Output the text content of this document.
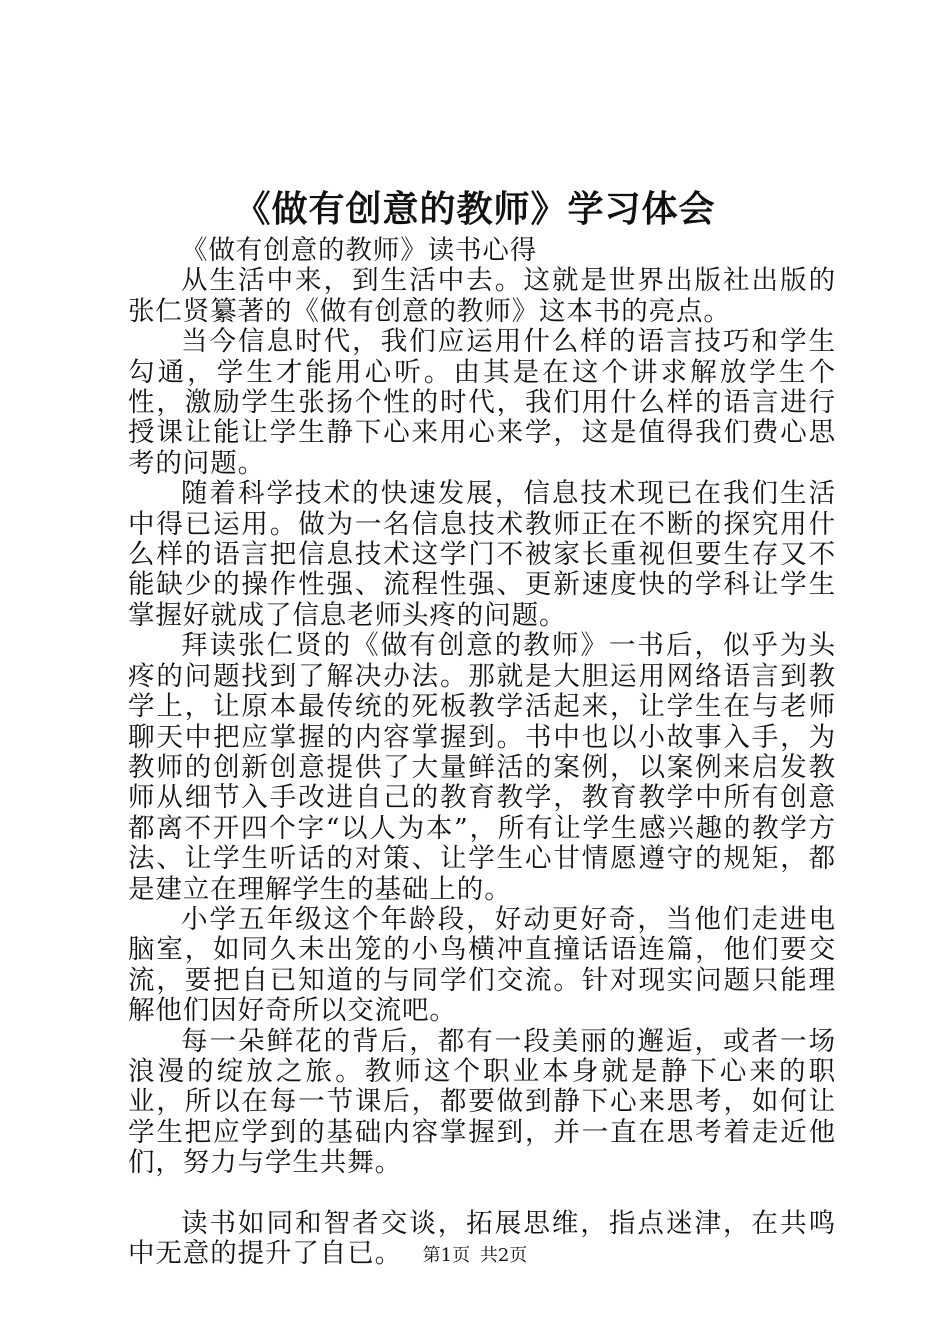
《做有创意的教师》学习体会

《做有创意的教师》读书心得

从生活中来，到生活中去。这就是世界出版社出版的张仁贤纂著的《做有创意的教师》这本书的亮点。

当今信息时代，我们应运用什么样的语言技巧和学生勾通，学生才能用心听。由其是在这个讲求解放学生个性，激励学生张扬个性的时代，我们用什么样的语言进行授课让能让学生静下心来用心来学，这是值得我们费心思考的问题。

随着科学技术的快速发展，信息技术现已在我们生活中得已运用。做为一名信息技术教师正在不断的探究用什么样的语言把信息技术这学门不被家长重视但要生存又不能缺少的操作性强、流程性强、更新速度快的学科让学生掌握好就成了信息老师头疼的问题。

拜读张仁贤的《做有创意的教师》一书后，似乎为头疼的问题找到了解决办法。那就是大胆运用网络语言到教学上，让原本最传统的死板教学活起来，让学生在与老师聊天中把应掌握的内容掌握到。书中也以小故事入手，为教师的创新创意提供了大量鲜活的案例，以案例来启发教师从细节入手改进自己的教育教学，教育教学中所有创意都离不开四个字“以人为本”，所有让学生感兴趣的教学方法、让学生听话的对策、让学生心甘情愿遵守的规矩，都是建立在理解学生的基础上的。

小学五年级这个年龄段，好动更好奇，当他们走进电脑室，如同久未出笼的小鸟横冲直撞话语连篇，他们要交流，要把自已知道的与同学们交流。针对现实问题只能理解他们因好奇所以交流吧。

每一朵鲜花的背后，都有一段美丽的邂逅，或者一场浪漫的绽放之旅。教师这个职业本身就是静下心来的职业，所以在每一节课后，都要做到静下心来思考，如何让学生把应学到的基础内容掌握到，并一直在思考着走近他们，努力与学生共舞。

读书如同和智者交谈，拓展思维，指点迷津，在共鸣中无意的提升了自已。	第1页 共2页
